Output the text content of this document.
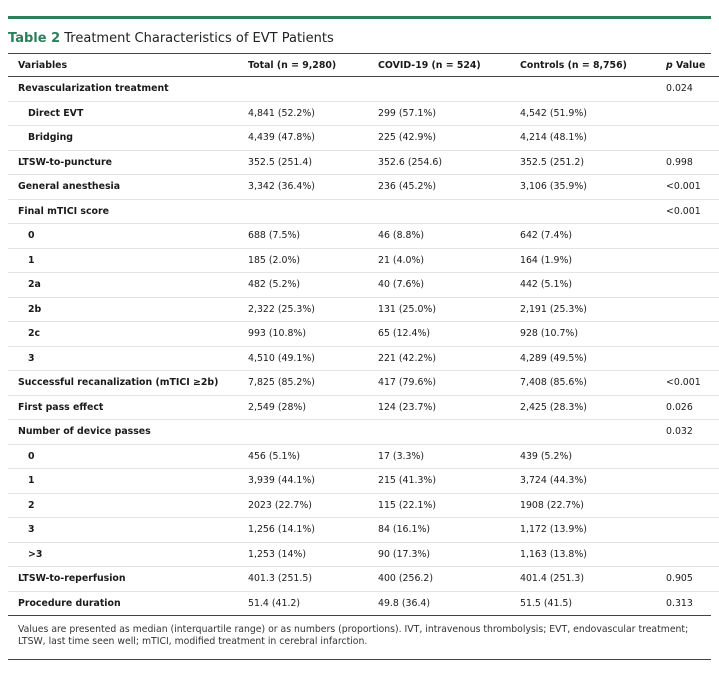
Table 2 Treatment Characteristics of EVT Patients
Variables	Total (n = 9,280)	COVID-19 (n = 524)	Controls (n = 8,756)	p Value
Revascularization treatment				0.024
Direct EVT	4,841 (52.2%)	299 (57.1%)	4,542 (51.9%)	
Bridging	4,439 (47.8%)	225 (42.9%)	4,214 (48.1%)	
LTSW-to-puncture	352.5 (251.4)	352.6 (254.6)	352.5 (251.2)	0.998
General anesthesia	3,342 (36.4%)	236 (45.2%)	3,106 (35.9%)	<0.001
Final mTICI score				<0.001
0	688 (7.5%)	46 (8.8%)	642 (7.4%)	
1	185 (2.0%)	21 (4.0%)	164 (1.9%)	
2a	482 (5.2%)	40 (7.6%)	442 (5.1%)	
2b	2,322 (25.3%)	131 (25.0%)	2,191 (25.3%)	
2c	993 (10.8%)	65 (12.4%)	928 (10.7%)	
3	4,510 (49.1%)	221 (42.2%)	4,289 (49.5%)	
Successful recanalization (mTICI ≥2b)	7,825 (85.2%)	417 (79.6%)	7,408 (85.6%)	<0.001
First pass effect	2,549 (28%)	124 (23.7%)	2,425 (28.3%)	0.026
Number of device passes				0.032
0	456 (5.1%)	17 (3.3%)	439 (5.2%)	
1	3,939 (44.1%)	215 (41.3%)	3,724 (44.3%)	
2	2023 (22.7%)	115 (22.1%)	1908 (22.7%)	
3	1,256 (14.1%)	84 (16.1%)	1,172 (13.9%)	
>3	1,253 (14%)	90 (17.3%)	1,163 (13.8%)	
LTSW-to-reperfusion	401.3 (251.5)	400 (256.2)	401.4 (251.3)	0.905
Procedure duration	51.4 (41.2)	49.8 (36.4)	51.5 (41.5)	0.313
Values are presented as median (interquartile range) or as numbers (proportions). IVT, intravenous thrombolysis; EVT, endovascular treatment; LTSW, last time seen well; mTICI, modified treatment in cerebral infarction.
